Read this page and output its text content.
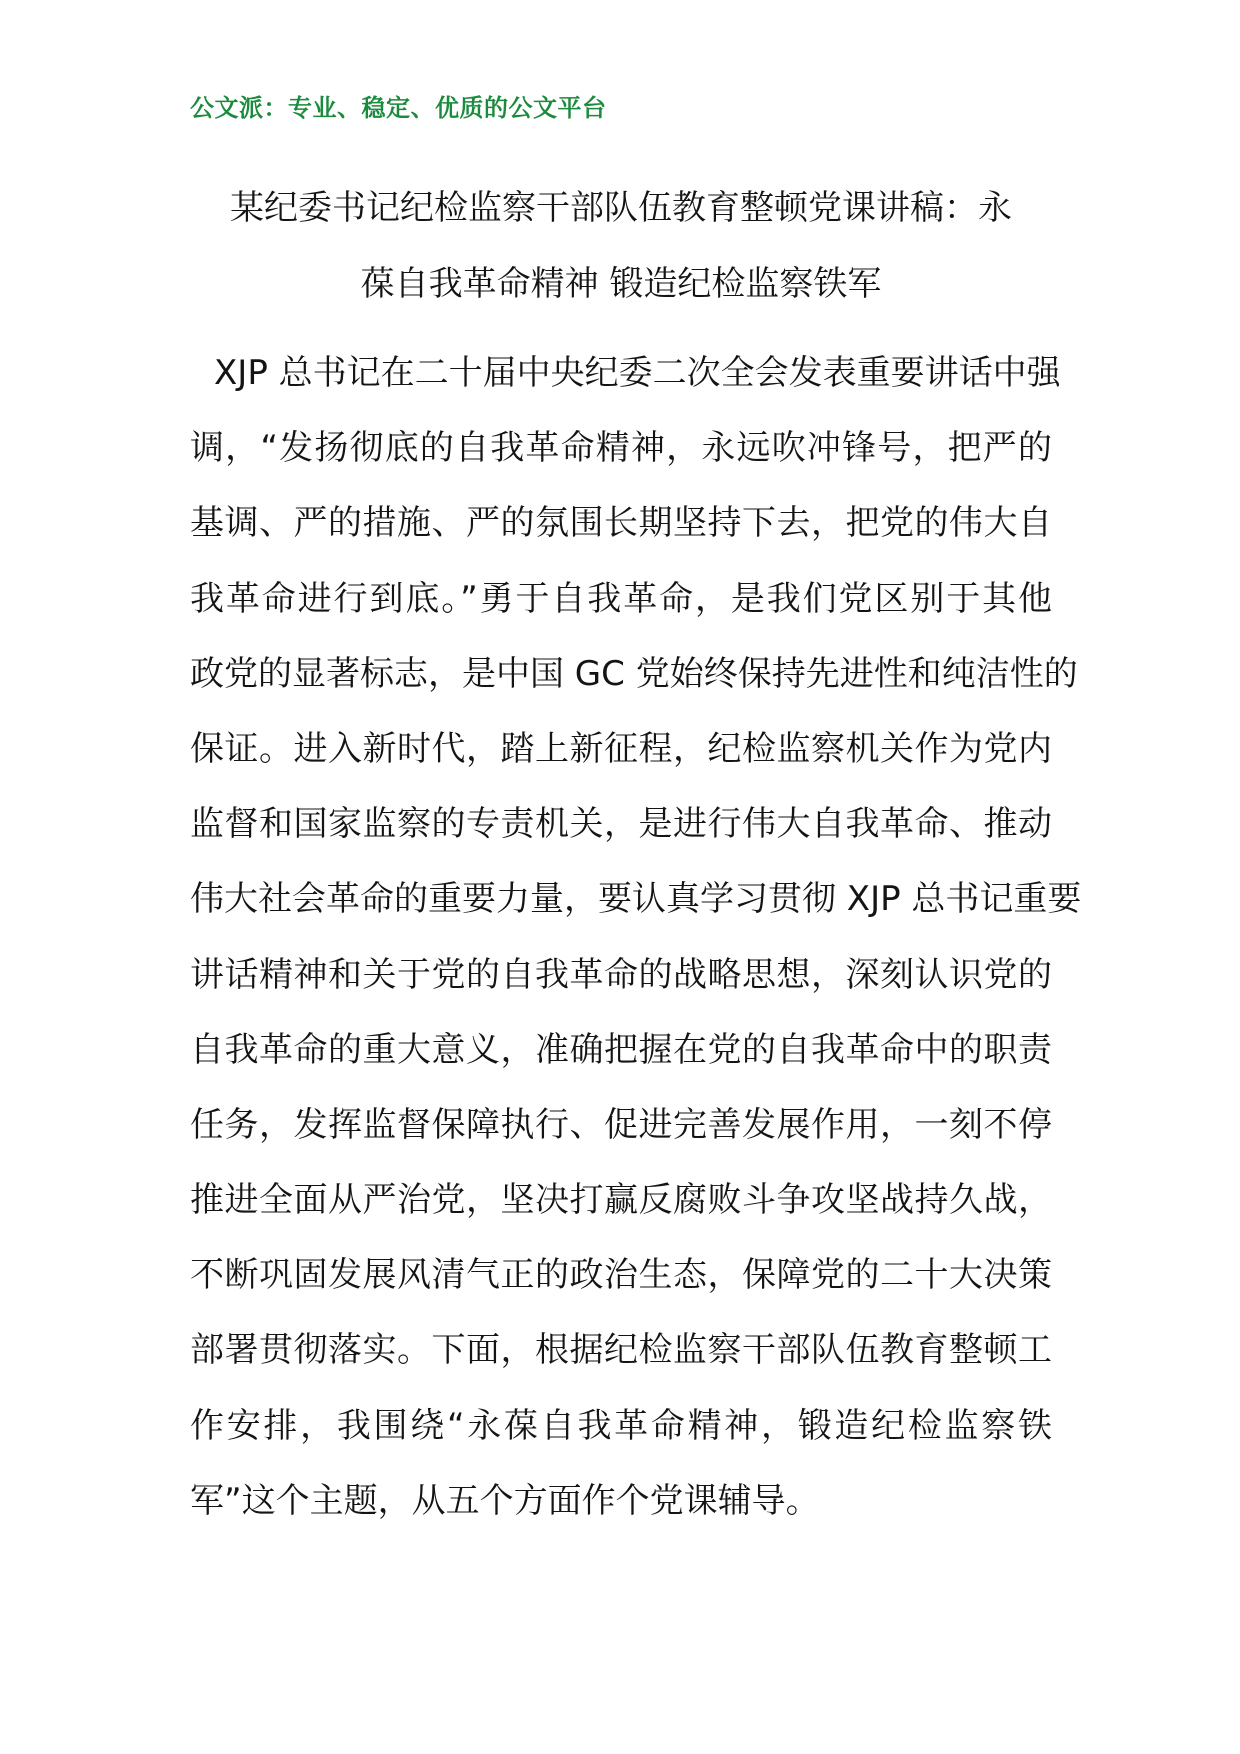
公文派：专业、稳定、优质的公文平台
某纪委书记纪检监察干部队伍教育整顿党课讲稿：永
葆自我革命精神 锻造纪检监察铁军
XJP 总书记在二十届中央纪委二次全会发表重要讲话中强
调，“发扬彻底的自我革命精神，永远吹冲锋号，把严的
基调、严的措施、严的氛围长期坚持下去，把党的伟大自
我革命进行到底。”勇于自我革命，是我们党区别于其他
政党的显著标志，是中国 GC 党始终保持先进性和纯洁性的
保证。进入新时代，踏上新征程，纪检监察机关作为党内
监督和国家监察的专责机关，是进行伟大自我革命、推动
伟大社会革命的重要力量，要认真学习贯彻 XJP 总书记重要
讲话精神和关于党的自我革命的战略思想，深刻认识党的
自我革命的重大意义，准确把握在党的自我革命中的职责
任务，发挥监督保障执行、促进完善发展作用，一刻不停
推进全面从严治党，坚决打赢反腐败斗争攻坚战持久战，
不断巩固发展风清气正的政治生态，保障党的二十大决策
部署贯彻落实。下面，根据纪检监察干部队伍教育整顿工
作安排，我围绕“永葆自我革命精神，锻造纪检监察铁
军”这个主题，从五个方面作个党课辅导。
